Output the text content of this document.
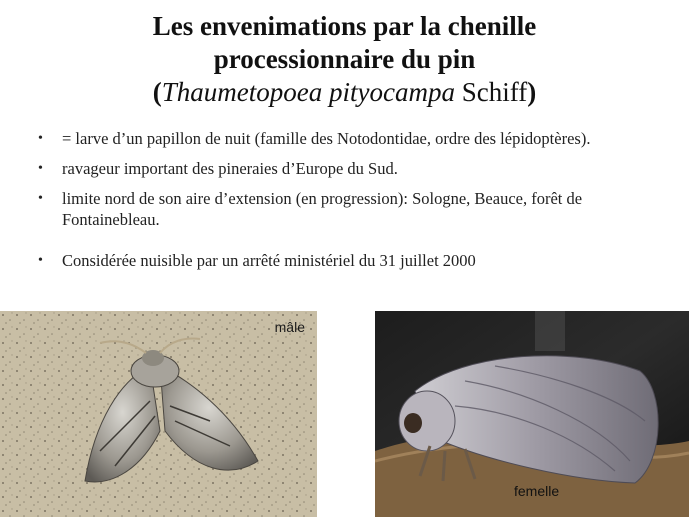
Les envenimations par la chenille
processionnaire du pin
(Thaumetopoea pityocampa Schiff)
• = larve d’un papillon de nuit (famille des Notodontidae, ordre des lépidoptères).
• ravageur important des pineraies d’Europe du Sud.
• limite nord de son aire d’extension (en progression): Sologne, Beauce, forêt de Fontainebleau.
• Considérée nuisible par un arrêté ministériel du 31 juillet 2000
mâle
femelle
